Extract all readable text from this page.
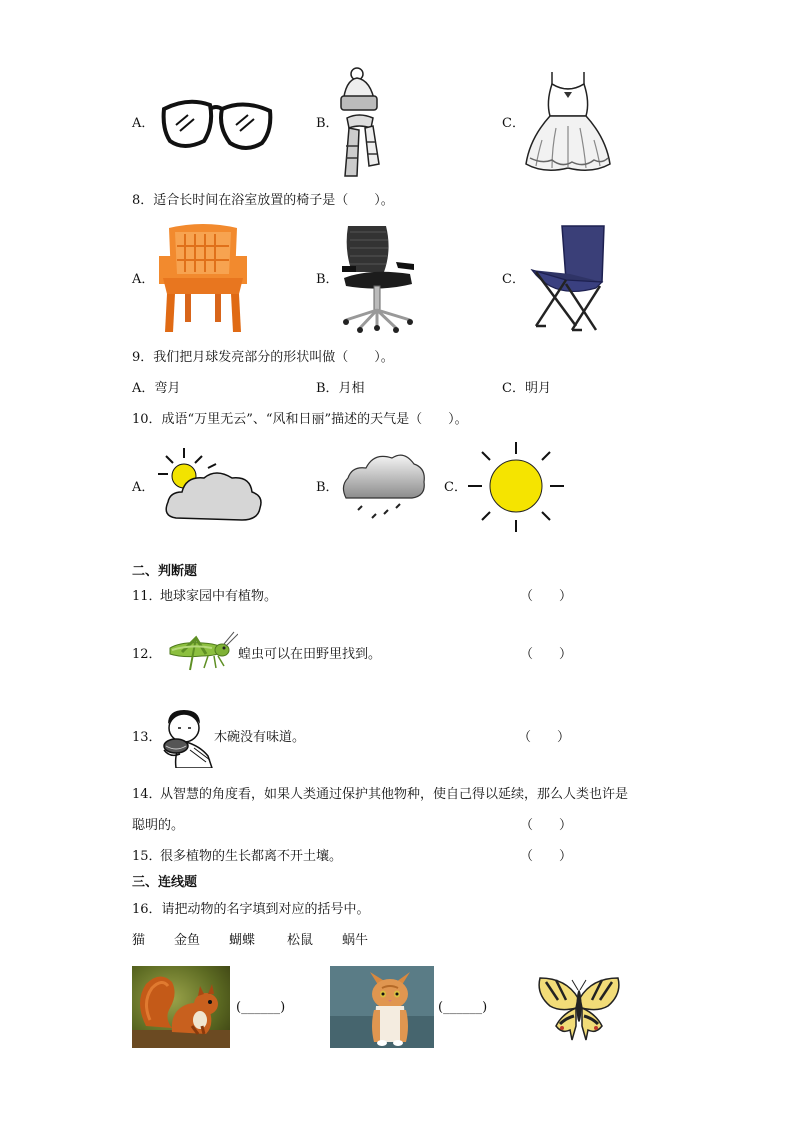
A．	B．	C．
8．适合长时间在浴室放置的椅子是（　　）。
A．	B．	C．
9．我们把月球发亮部分的形状叫做（　　）。
A．弯月	B．月相	C．明月
10．成语“万里无云”、“风和日丽”描述的天气是（　　）。
A．	B．	C．
二、判断题
11．
地球家园中有植物。	（　　）
12．	蝗虫可以在田野里找到。	（　　）
13．	木碗没有味道。	（　　）
14．
从智慧的角度看，如果人类通过保护其他物种，使自己得以延续，那么人类也许是
聪明的。	（　　）
15．
很多植物的生长都离不开土壤。	（　　）
三、连线题
16．请把动物的名字填到对应的括号中。
猫 金鱼 蝴蝶 松鼠 蜗牛
(______)	(______)
